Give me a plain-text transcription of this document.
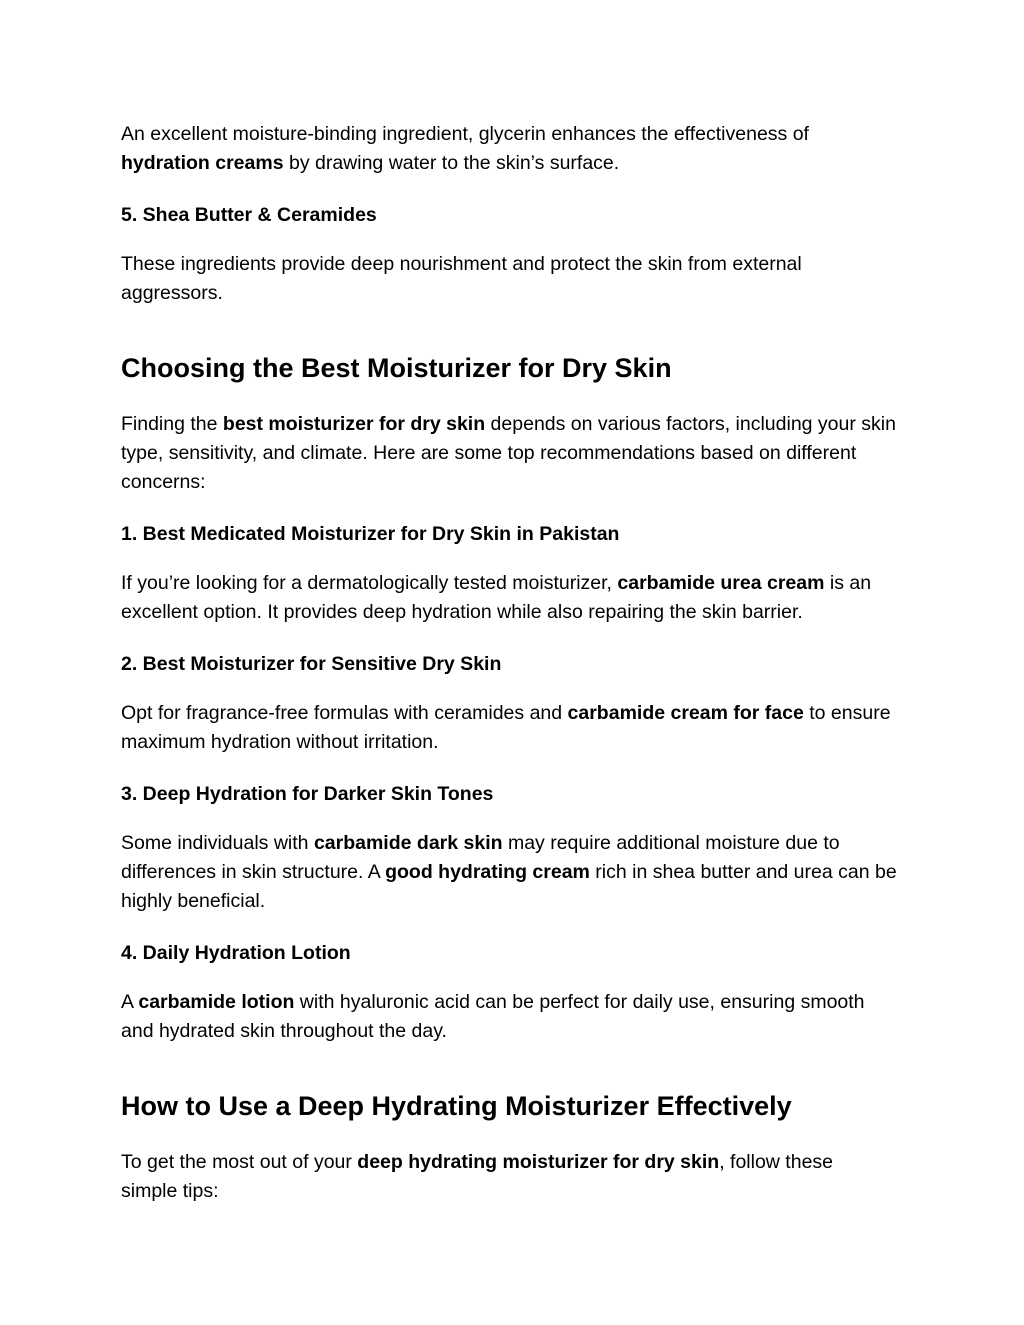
An excellent moisture-binding ingredient, glycerin enhances the effectiveness of hydration creams by drawing water to the skin’s surface.

5. Shea Butter & Ceramides

These ingredients provide deep nourishment and protect the skin from external aggressors.

Choosing the Best Moisturizer for Dry Skin

Finding the best moisturizer for dry skin depends on various factors, including your skin type, sensitivity, and climate. Here are some top recommendations based on different concerns:

1. Best Medicated Moisturizer for Dry Skin in Pakistan

If you’re looking for a dermatologically tested moisturizer, carbamide urea cream is an excellent option. It provides deep hydration while also repairing the skin barrier.

2. Best Moisturizer for Sensitive Dry Skin

Opt for fragrance-free formulas with ceramides and carbamide cream for face to ensure maximum hydration without irritation.

3. Deep Hydration for Darker Skin Tones

Some individuals with carbamide dark skin may require additional moisture due to differences in skin structure. A good hydrating cream rich in shea butter and urea can be highly beneficial.

4. Daily Hydration Lotion

A carbamide lotion with hyaluronic acid can be perfect for daily use, ensuring smooth and hydrated skin throughout the day.

How to Use a Deep Hydrating Moisturizer Effectively

To get the most out of your deep hydrating moisturizer for dry skin, follow these simple tips:
